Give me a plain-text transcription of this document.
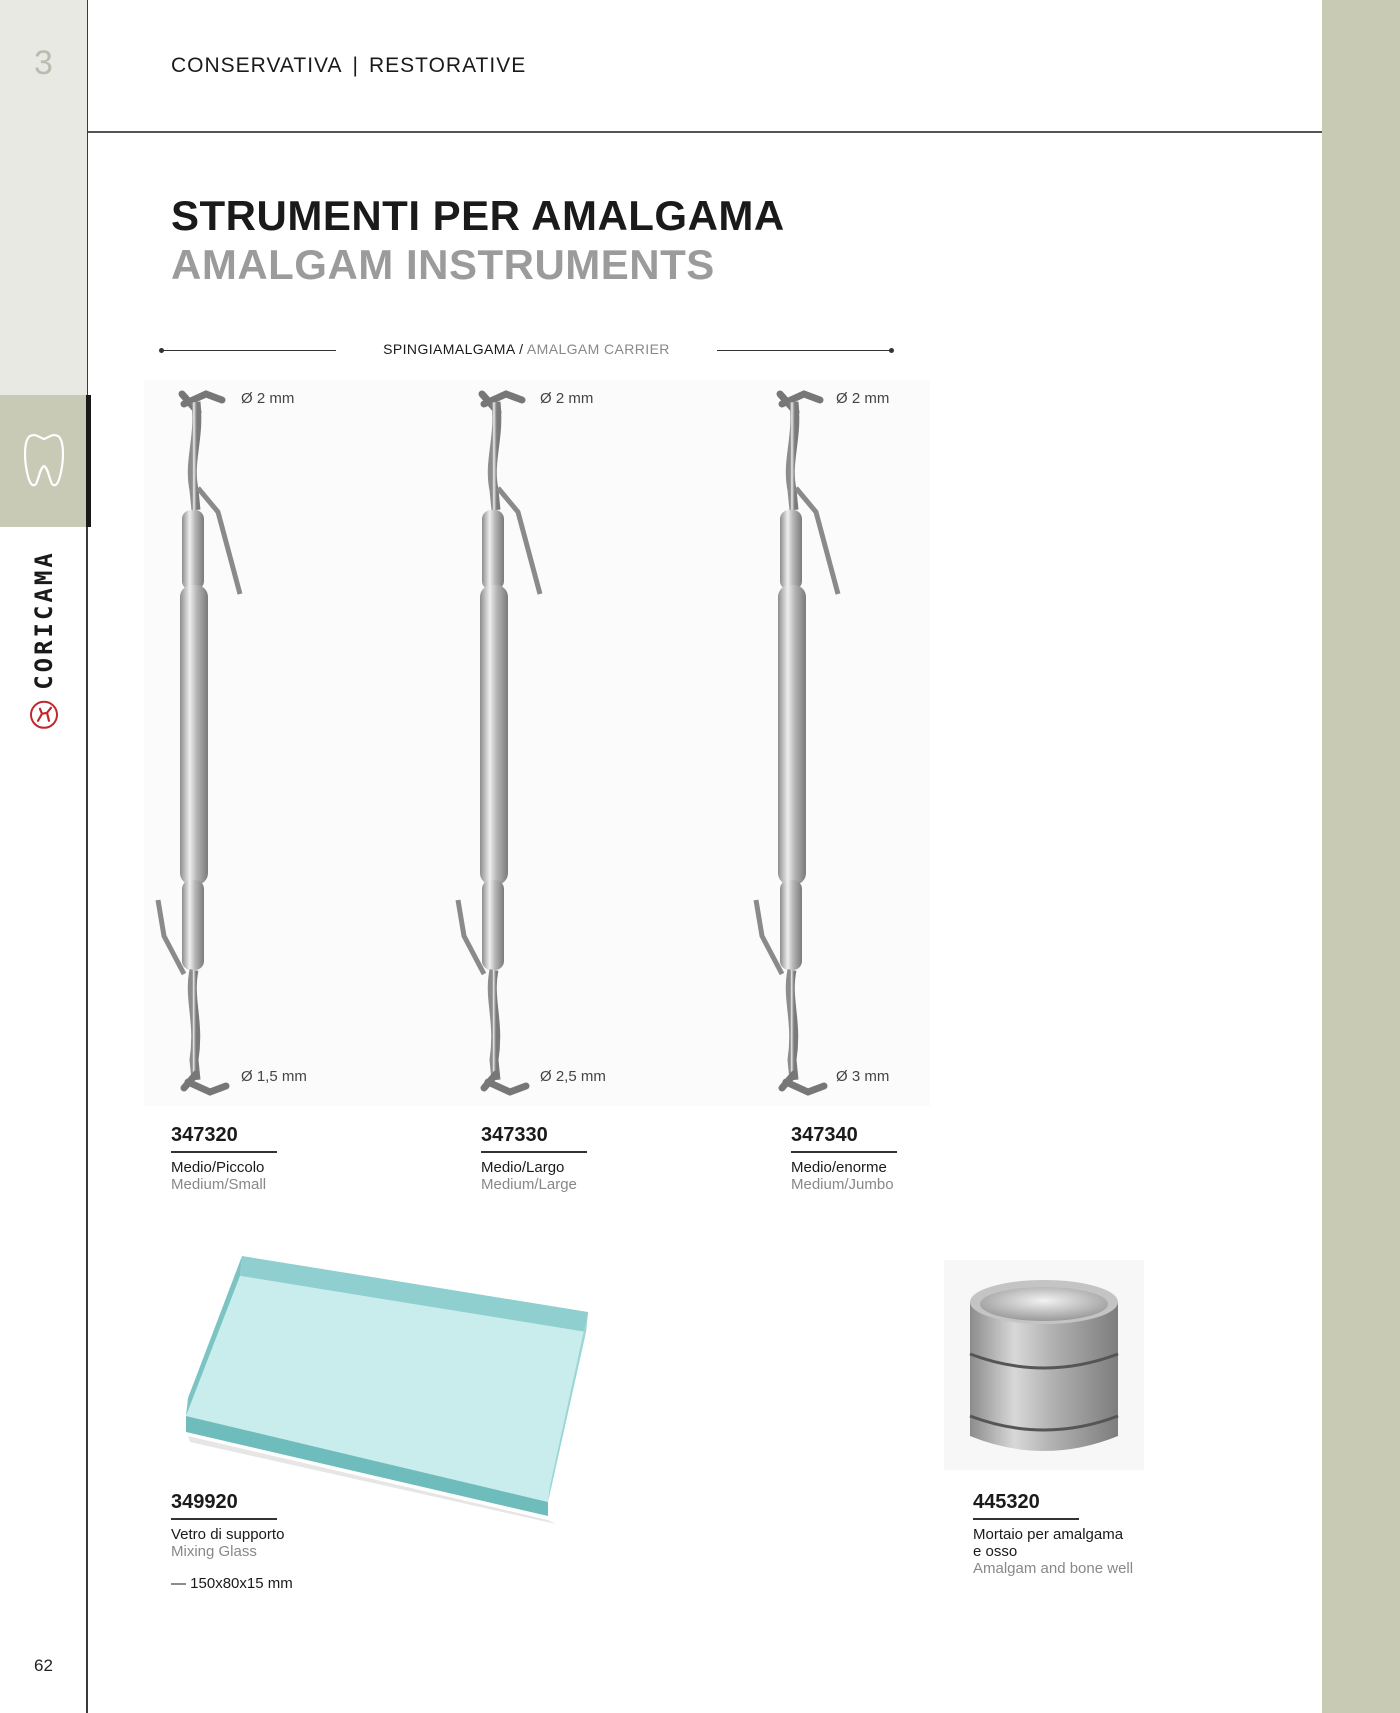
3
CORICAMA
62
CONSERVATIVA | RESTORATIVE
STRUMENTI PER AMALGAMA
AMALGAM INSTRUMENTS
SPINGIAMALGAMA / AMALGAM CARRIER
Ø 2 mm
Ø 1,5 mm
Ø 2 mm
Ø 2,5 mm
Ø 2 mm
Ø 3 mm
347320
Medio/Piccolo
Medium/Small
347330
Medio/Largo
Medium/Large
347340
Medio/enorme
Medium/Jumbo
349920
Vetro di supporto
Mixing Glass
— 150x80x15 mm
445320
Mortaio per amalgama
e osso
Amalgam and bone well
